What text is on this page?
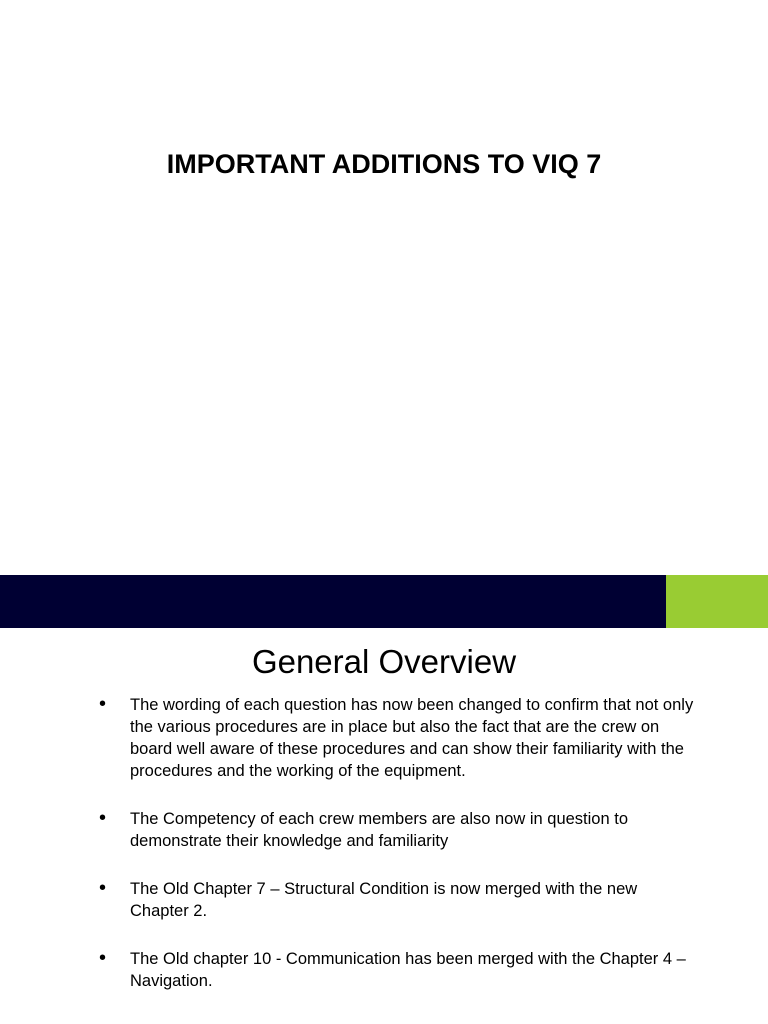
IMPORTANT ADDITIONS TO VIQ 7
General Overview
• The wording of each question has now been changed to confirm that not only the various procedures are in place but also the fact that are the crew on board well aware of these procedures and can show their familiarity with the procedures and the working of the equipment.
• The Competency of each crew members are also now in question to demonstrate their knowledge and familiarity
• The Old Chapter 7 – Structural Condition is now merged with the new Chapter 2.
• The Old chapter 10 - Communication has been merged with the Chapter 4 – Navigation.
